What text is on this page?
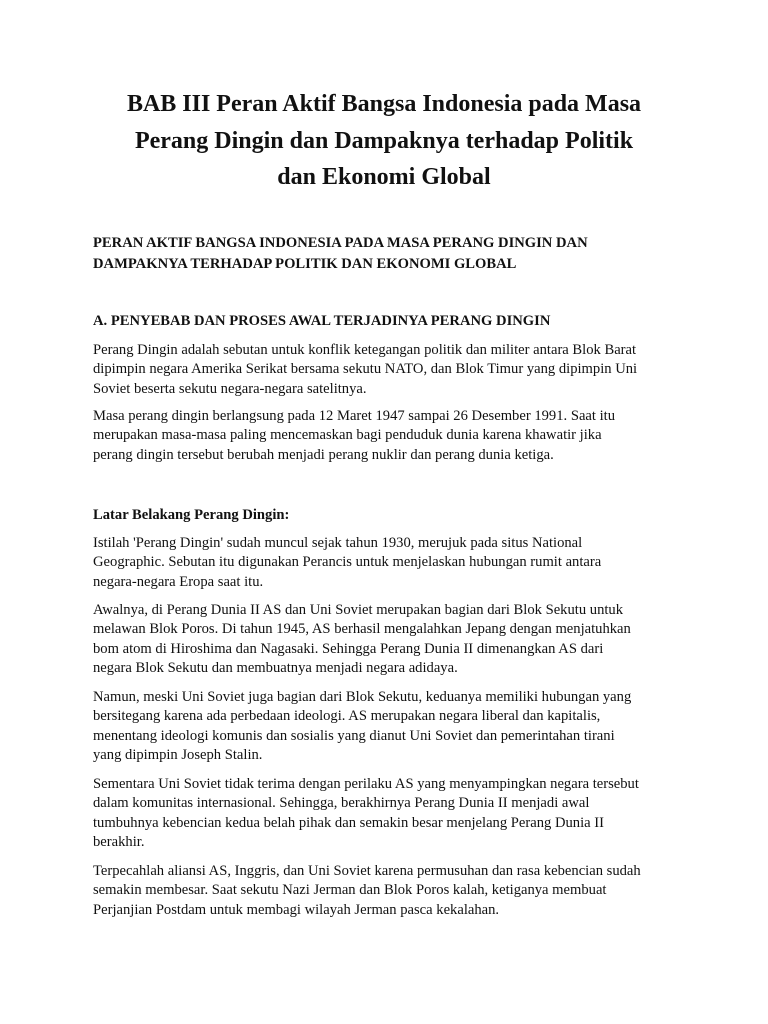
BAB III Peran Aktif Bangsa Indonesia pada Masa
Perang Dingin dan Dampaknya terhadap Politik
dan Ekonomi Global
PERAN AKTIF BANGSA INDONESIA PADA MASA PERANG DINGIN DAN
DAMPAKNYA TERHADAP POLITIK DAN EKONOMI GLOBAL
A. PENYEBAB DAN PROSES AWAL TERJADINYA PERANG DINGIN

Perang Dingin adalah sebutan untuk konflik ketegangan politik dan militer antara Blok Barat
dipimpin negara Amerika Serikat bersama sekutu NATO, dan Blok Timur yang dipimpin Uni
Soviet beserta sekutu negara-negara satelitnya.

Masa perang dingin berlangsung pada 12 Maret 1947 sampai 26 Desember 1991. Saat itu
merupakan masa-masa paling mencemaskan bagi penduduk dunia karena khawatir jika
perang dingin tersebut berubah menjadi perang nuklir dan perang dunia ketiga.

Latar Belakang Perang Dingin:

Istilah 'Perang Dingin' sudah muncul sejak tahun 1930, merujuk pada situs National
Geographic. Sebutan itu digunakan Perancis untuk menjelaskan hubungan rumit antara
negara-negara Eropa saat itu.

Awalnya, di Perang Dunia II AS dan Uni Soviet merupakan bagian dari Blok Sekutu untuk
melawan Blok Poros. Di tahun 1945, AS berhasil mengalahkan Jepang dengan menjatuhkan
bom atom di Hiroshima dan Nagasaki. Sehingga Perang Dunia II dimenangkan AS dari
negara Blok Sekutu dan membuatnya menjadi negara adidaya.

Namun, meski Uni Soviet juga bagian dari Blok Sekutu, keduanya memiliki hubungan yang
bersitegang karena ada perbedaan ideologi. AS merupakan negara liberal dan kapitalis,
menentang ideologi komunis dan sosialis yang dianut Uni Soviet dan pemerintahan tirani
yang dipimpin Joseph Stalin.

Sementara Uni Soviet tidak terima dengan perilaku AS yang menyampingkan negara tersebut
dalam komunitas internasional. Sehingga, berakhirnya Perang Dunia II menjadi awal
tumbuhnya kebencian kedua belah pihak dan semakin besar menjelang Perang Dunia II
berakhir.

Terpecahlah aliansi AS, Inggris, dan Uni Soviet karena permusuhan dan rasa kebencian sudah
semakin membesar. Saat sekutu Nazi Jerman dan Blok Poros kalah, ketiganya membuat
Perjanjian Postdam untuk membagi wilayah Jerman pasca kekalahan.
